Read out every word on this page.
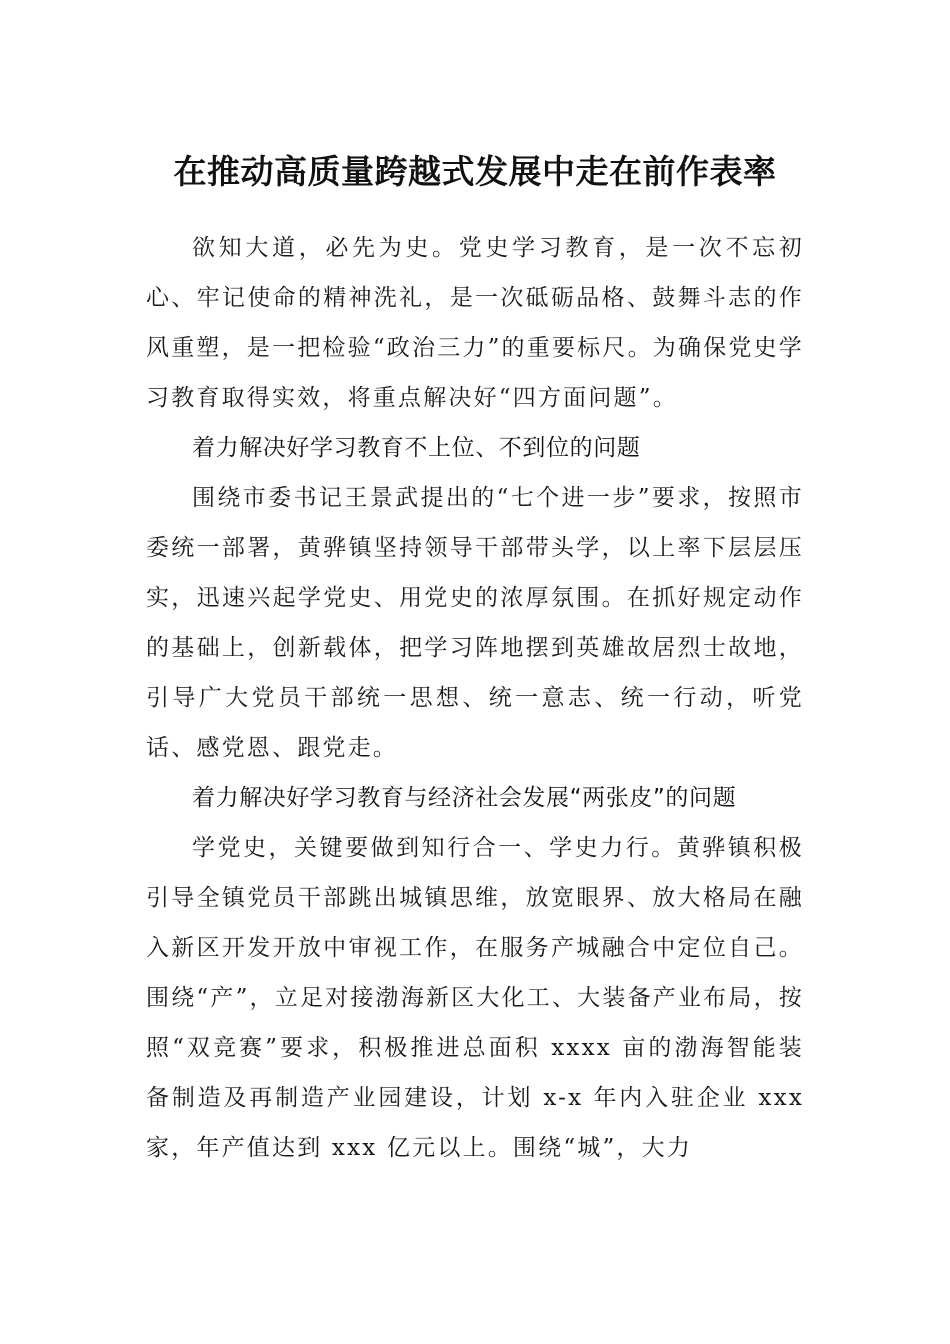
在推动高质量跨越式发展中走在前作表率

欲知大道，必先为史。党史学习教育，是一次不忘初心、牢记使命的精神洗礼，是一次砥砺品格、鼓舞斗志的作风重塑，是一把检验“政治三力”的重要标尺。为确保党史学习教育取得实效，将重点解决好“四方面问题”。

着力解决好学习教育不上位、不到位的问题

围绕市委书记王景武提出的“七个进一步”要求，按照市委统一部署，黄骅镇坚持领导干部带头学，以上率下层层压实，迅速兴起学党史、用党史的浓厚氛围。在抓好规定动作的基础上，创新载体，把学习阵地摆到英雄故居烈士故地，引导广大党员干部统一思想、统一意志、统一行动，听党话、感党恩、跟党走。

着力解决好学习教育与经济社会发展“两张皮”的问题

学党史，关键要做到知行合一、学史力行。黄骅镇积极引导全镇党员干部跳出城镇思维，放宽眼界、放大格局在融入新区开发开放中审视工作，在服务产城融合中定位自己。围绕“产”，立足对接渤海新区大化工、大装备产业布局，按照“双竞赛”要求，积极推进总面积 xxxx 亩的渤海智能装备制造及再制造产业园建设，计划 x-x 年内入驻企业 xxx 家，年产值达到 xxx 亿元以上。围绕“城”，大力
